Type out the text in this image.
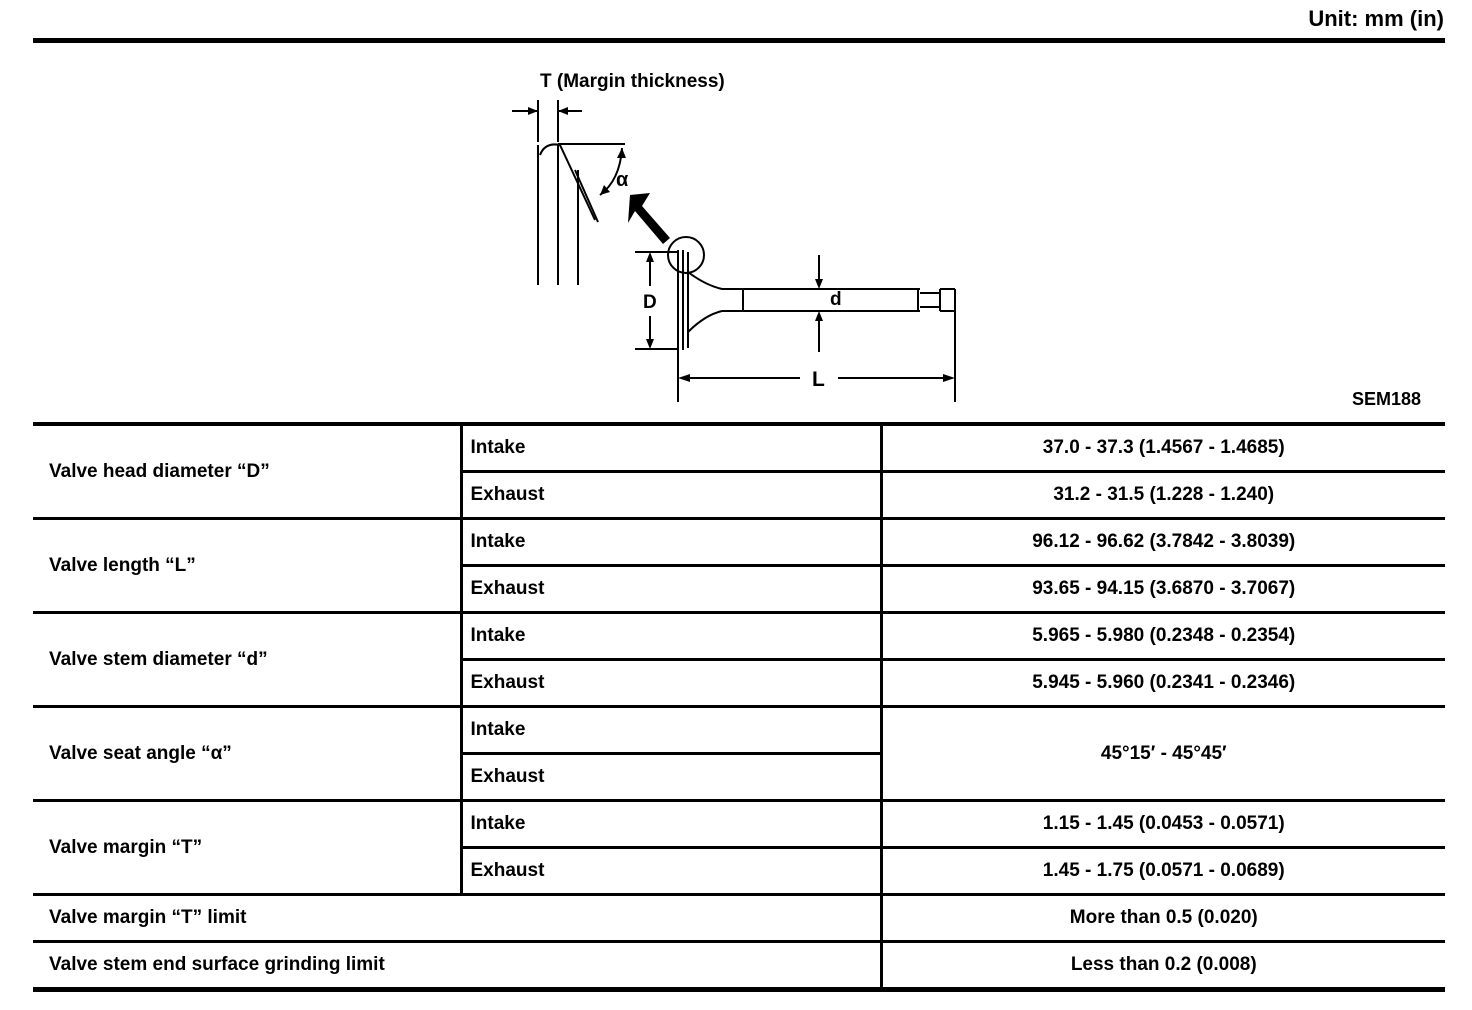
Unit: mm (in)
T (Margin thickness)
α
D	d
L
SEM188
Valve head diameter “D”	Intake	37.0 - 37.3 (1.4567 - 1.4685)
	Exhaust	31.2 - 31.5 (1.228 - 1.240)
Valve length “L”	Intake	96.12 - 96.62 (3.7842 - 3.8039)
	Exhaust	93.65 - 94.15 (3.6870 - 3.7067)
Valve stem diameter “d”	Intake	5.965 - 5.980 (0.2348 - 0.2354)
	Exhaust	5.945 - 5.960 (0.2341 - 0.2346)
Valve seat angle “α”	Intake	45°15′ - 45°45′
	Exhaust	
Valve margin “T”	Intake	1.15 - 1.45 (0.0453 - 0.0571)
	Exhaust	1.45 - 1.75 (0.0571 - 0.0689)
Valve margin “T” limit		More than 0.5 (0.020)
Valve stem end surface grinding limit		Less than 0.2 (0.008)
